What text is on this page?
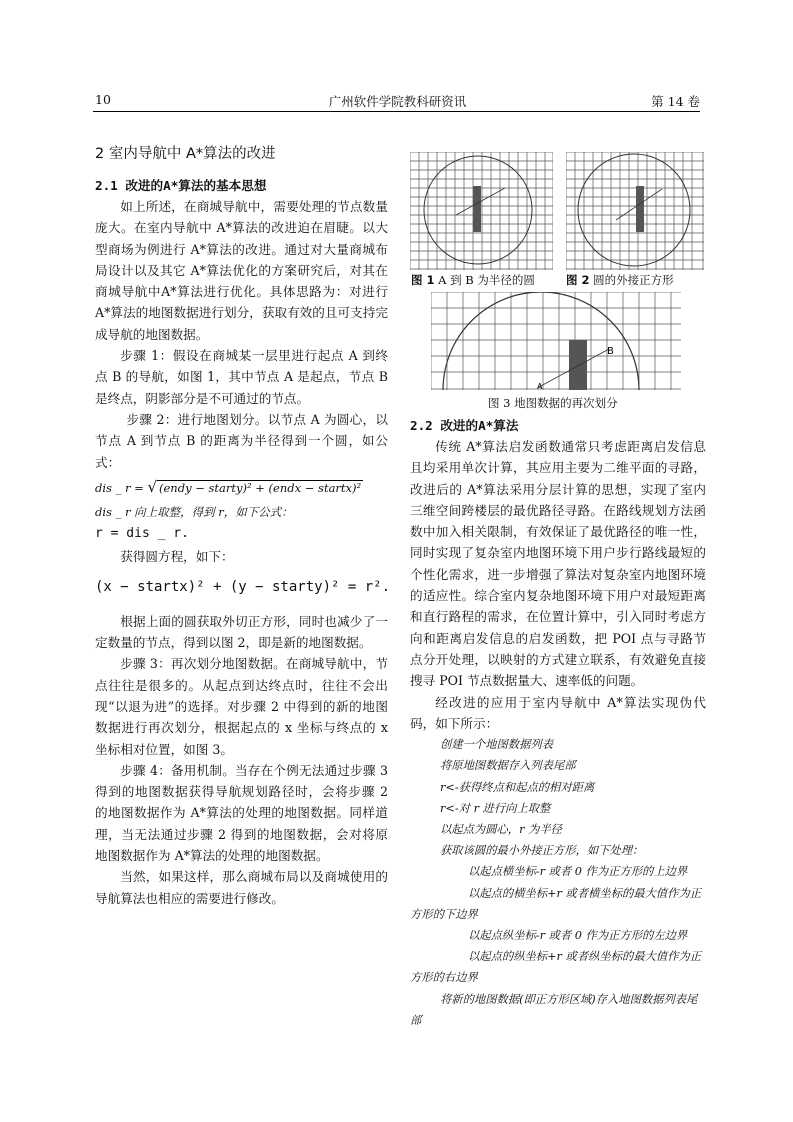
10	广州软件学院教科研资讯	第 14 卷
2 室内导航中 A*算法的改进
2.1 改进的A*算法的基本思想

如上所述，在商城导航中，需要处理的节点数量庞大。在室内导航中 A*算法的改进迫在眉睫。以大型商场为例进行 A*算法的改进。通过对大量商城布局设计以及其它 A*算法优化的方案研究后，对其在商城导航中A*算法进行优化。具体思路为：对进行 A*算法的地图数据进行划分，获取有效的且可支持完成导航的地图数据。

步骤 1：假设在商城某一层里进行起点 A 到终点 B 的导航，如图 1，其中节点 A 是起点，节点 B 是终点，阴影部分是不可通过的节点。

步骤 2：进行地图划分。以节点 A 为圆心，以节点 A 到节点 B 的距离为半径得到一个圆，如公式：

dis _ r = √ (endy − starty)² + (endx − startx)²

dis _ r 向上取整，得到 r，如下公式：

r = dis _ r.

获得圆方程，如下：

(x − startx)² + (y − starty)² = r².

根据上面的圆获取外切正方形，同时也减少了一定数量的节点，得到以图 2，即是新的地图数据。

步骤 3：再次划分地图数据。在商城导航中，节点往往是很多的。从起点到达终点时，往往不会出现“以退为进”的选择。对步骤 2 中得到的新的地图数据进行再次划分，根据起点的 x 坐标与终点的 x 坐标相对位置，如图 3。

步骤 4：备用机制。当存在个例无法通过步骤 3 得到的地图数据获得导航规划路径时，会将步骤 2 的地图数据作为 A*算法的处理的地图数据。同样道理，当无法通过步骤 2 得到的地图数据，会对将原地图数据作为 A*算法的处理的地图数据。

当然，如果这样，那么商城布局以及商城使用的导航算法也相应的需要进行修改。

图 1 A 到 B 为半径的圆	图 2 圆的外接正方形
A
B
图 3 地图数据的再次划分
2.2 改进的A*算法

传统 A*算法启发函数通常只考虑距离启发信息且均采用单次计算，其应用主要为二维平面的寻路，改进后的 A*算法采用分层计算的思想，实现了室内三维空间跨楼层的最优路径寻路。在路线规划方法函数中加入相关限制，有效保证了最优路径的唯一性，同时实现了复杂室内地图环境下用户步行路线最短的个性化需求，进一步增强了算法对复杂室内地图环境的适应性。综合室内复杂地图环境下用户对最短距离和直行路程的需求，在位置计算中，引入同时考虑方向和距离启发信息的启发函数，把 POI 点与寻路节点分开处理，以映射的方式建立联系，有效避免直接搜寻 POI 节点数据量大、速率低的问题。

经改进的应用于室内导航中 A*算法实现伪代码，如下所示：

创建一个地图数据列表
将原地图数据存入列表尾部
r<-获得终点和起点的相对距离
r<-对 r 进行向上取整
以起点为圆心，r 为半径
获取该圆的最小外接正方形，如下处理：
以起点横坐标-r 或者 0 作为正方形的上边界
以起点的横坐标+r 或者横坐标的最大值作为正方形的下边界
以起点纵坐标-r 或者 0 作为正方形的左边界
以起点的纵坐标+r 或者纵坐标的最大值作为正方形的右边界
将新的地图数据(即正方形区域)存入地图数据列表尾部
